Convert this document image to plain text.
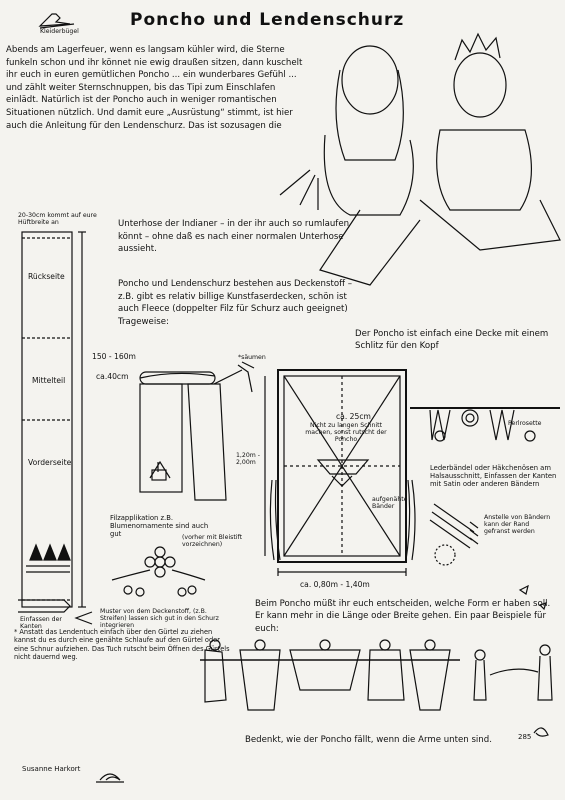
Poncho und Lendenschurz
Kleiderbügel
Abends am Lagerfeuer, wenn es langsam kühler wird, die Sterne funkeln schon und ihr könnet nie ewig draußen sitzen, dann kuschelt ihr euch in euren gemütlichen Poncho ... ein wunderbares Gefühl ... und zählt weiter Sternschnuppen, bis das Tipi zum Einschlafen einlädt. Natürlich ist der Poncho auch in weniger romantischen Situationen nützlich. Und damit eure „Ausrüstung“ stimmt, ist hier auch die Anleitung für den Lendenschurz. Das ist sozusagen die
Unterhose der Indianer – in der ihr auch so rumlaufen könnt – ohne daß es nach einer normalen Unterhose aussieht.
Poncho und Lendenschurz bestehen aus Deckenstoff – z.B. gibt es relativ billige Kunstfaserdecken, schön ist auch Fleece (doppelter Filz für Schurz auch geeignet) Trageweise:
20-30cm kommt auf eure Hüftbreite an
Rückseite
Mittelteil
Vorderseite
150 - 160m
ca.40cm
*säumen
Filzapplikation z.B. Blumenornamente sind auch gut	(vorher mit Bleistift vorzeichnen)
Muster von dem Deckenstoff, (z.B. Streifen) lassen sich gut in den Schurz integrieren
Einfassen der Kanten
* Anstatt das Lendentuch einfach über den Gürtel zu ziehen kannst du es durch eine genähte Schlaufe auf den Gürtel oder eine Schnur aufziehen. Das Tuch rutscht beim Öffnen des Gürtels nicht dauernd weg.
Der Poncho ist einfach eine Decke mit einem Schlitz für den Kopf
ca. 25cm
Nicht zu langen Schnitt machen, sonst rutscht der Poncho
1,20m - 2,00m
aufgenähte Bänder
ca. 0,80m - 1,40m
Perlrosette
Lederbändel oder Häkchenösen am Halsausschnitt, Einfassen der Kanten mit Satin oder anderen Bändern
Anstelle von Bändern kann der Rand gefranst werden
Beim Poncho müßt ihr euch entscheiden, welche Form er haben soll. Er kann mehr in die Länge oder Breite gehen. Ein paar Beispiele für euch:
Bedenkt, wie der Poncho fällt, wenn die Arme unten sind.
Susanne Harkort
285
